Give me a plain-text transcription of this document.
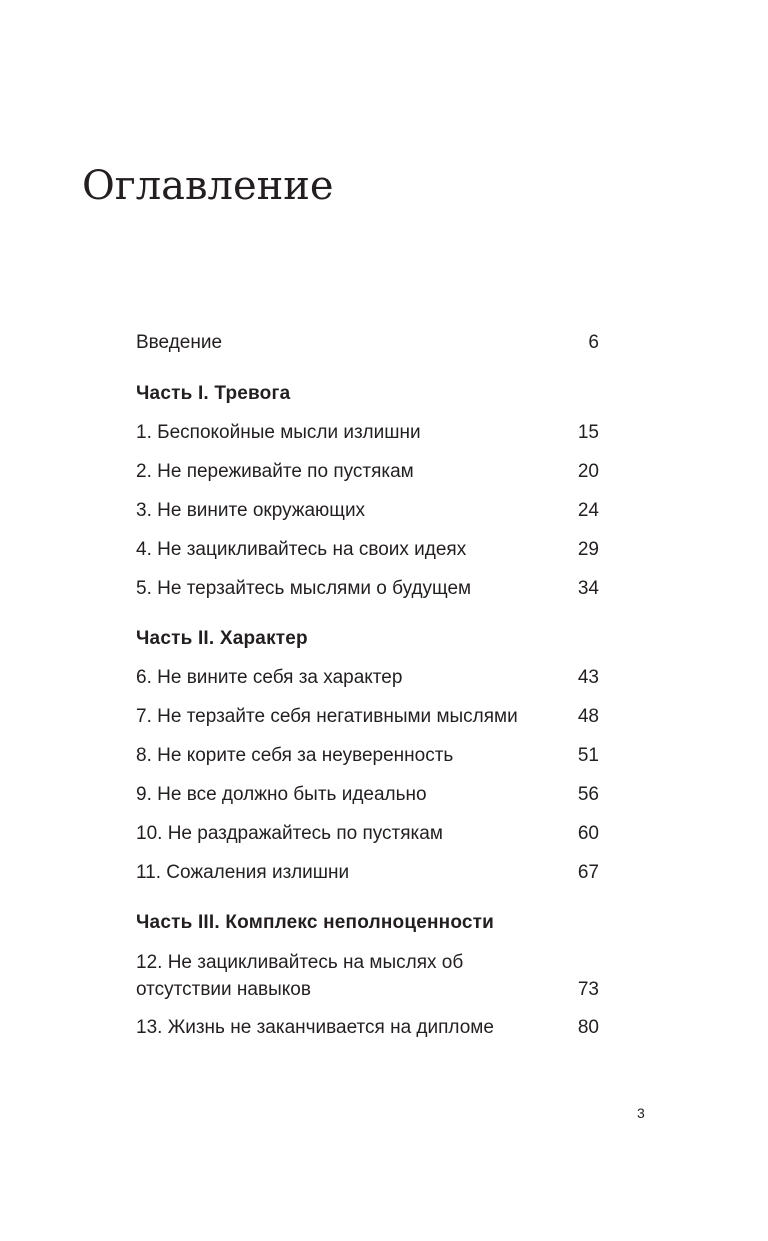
Оглавление
Введение	6
Часть I. Тревога
1. Беспокойные мысли излишни	15
2. Не переживайте по пустякам	20
3. Не вините окружающих	24
4. Не зацикливайтесь на своих идеях	29
5. Не терзайтесь мыслями о будущем	34
Часть II. Характер
6. Не вините себя за характер	43
7. Не терзайте себя негативными мыслями	48
8. Не корите себя за неуверенность	51
9. Не все должно быть идеально	56
10. Не раздражайтесь по пустякам	60
11. Сожаления излишни	67
Часть III. Комплекс неполноценности
12. Не зацикливайтесь на мыслях об отсутствии навыков	73
13. Жизнь не заканчивается на дипломе	80
3
